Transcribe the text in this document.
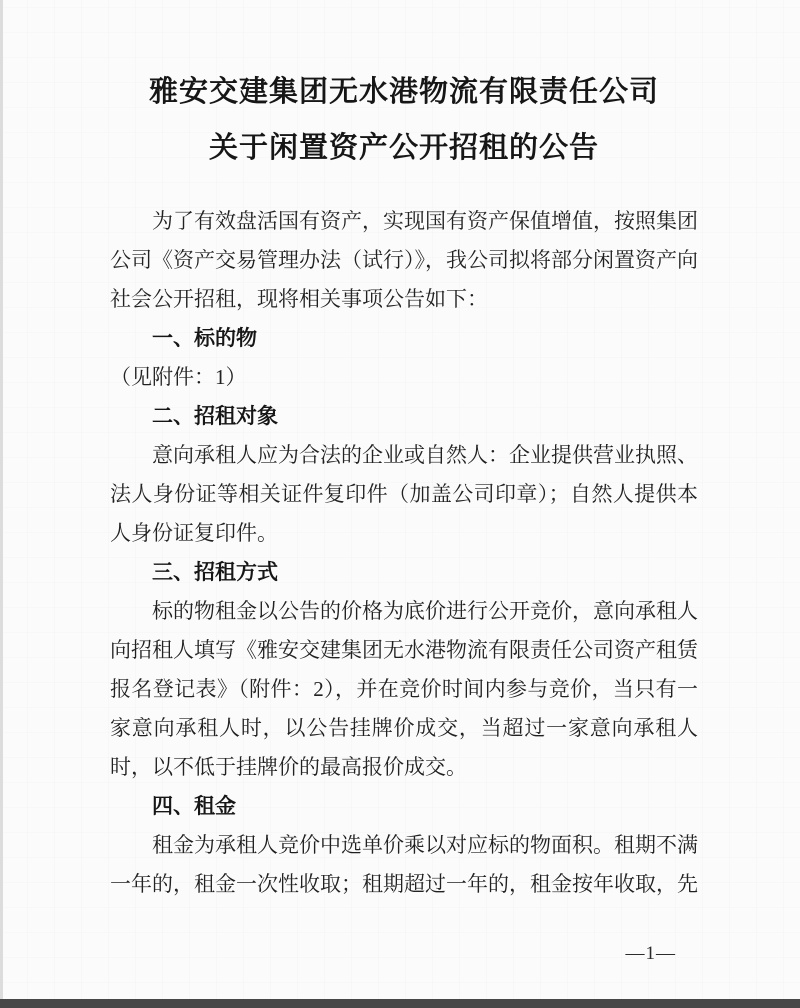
雅安交建集团无水港物流有限责任公司
关于闲置资产公开招租的公告

为了有效盘活国有资产，实现国有资产保值增值，按照集团公司《资产交易管理办法（试行）》，我公司拟将部分闲置资产向社会公开招租，现将相关事项公告如下：

一、标的物

（见附件：1）

二、招租对象

意向承租人应为合法的企业或自然人：企业提供营业执照、法人身份证等相关证件复印件（加盖公司印章）；自然人提供本人身份证复印件。

三、招租方式

标的物租金以公告的价格为底价进行公开竞价，意向承租人向招租人填写《雅安交建集团无水港物流有限责任公司资产租赁报名登记表》（附件：2），并在竞价时间内参与竞价，当只有一家意向承租人时，以公告挂牌价成交，当超过一家意向承租人时，以不低于挂牌价的最高报价成交。

四、租金

租金为承租人竞价中选单价乘以对应标的物面积。租期不满一年的，租金一次性收取；租期超过一年的，租金按年收取，先

—1—
